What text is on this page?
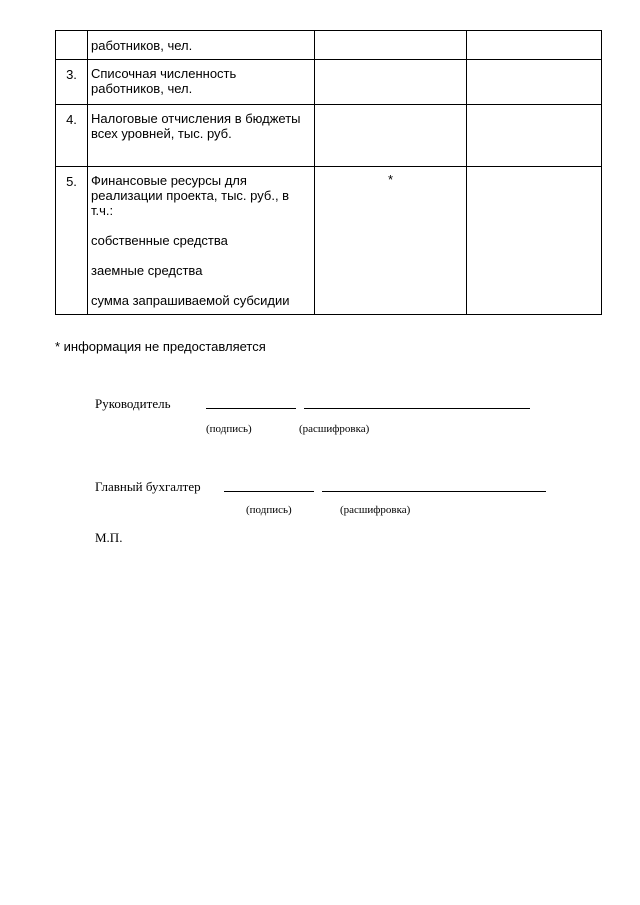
	работников, чел.		
3.	Списочная численность работников, чел.		
4.	Налоговые отчисления в бюджеты всех уровней, тыс. руб.		
5.	Финансовые ресурсы для реализации проекта, тыс. руб., в т.ч.:
собственные средства
заемные средства
сумма запрашиваемой субсидии	*	
* информация не предоставляется
Руководитель
(подпись)	(расшифровка)
Главный бухгалтер
(подпись)	(расшифровка)
М.П.
